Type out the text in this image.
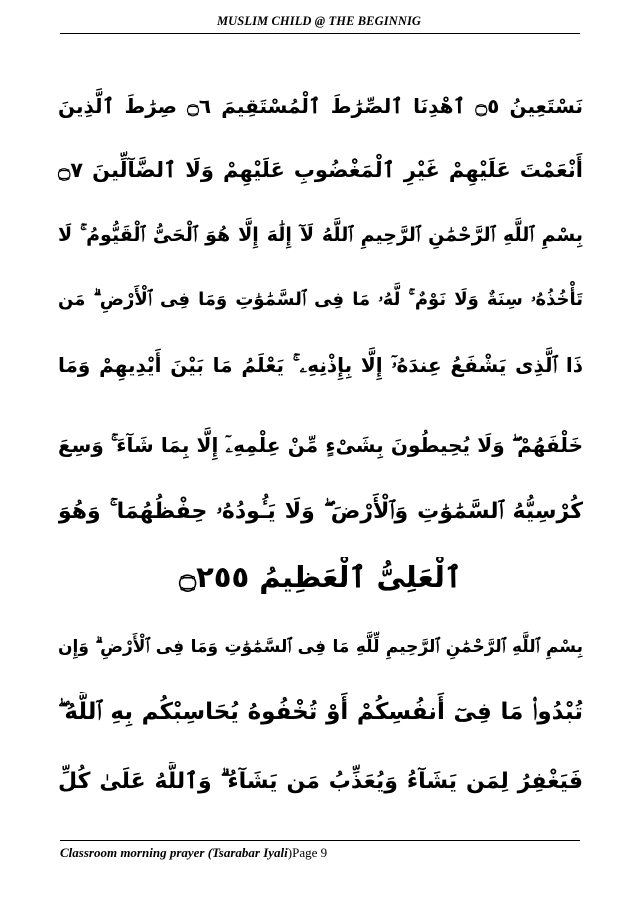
MUSLIM CHILD @ THE BEGINNIG
نَسْتَعِينُ ۝٥ ٱهْدِنَا ٱلصِّرَٰطَ ٱلْمُسْتَقِيمَ ۝٦ صِرَٰطَ ٱلَّذِينَ
أَنْعَمْتَ عَلَيْهِمْ غَيْرِ ٱلْمَغْضُوبِ عَلَيْهِمْ وَلَا ٱلضَّآلِّينَ ۝٧
بِسْمِ ٱللَّهِ ٱلرَّحْمَٰنِ ٱلرَّحِيمِ ٱللَّهُ لَآ إِلَٰهَ إِلَّا هُوَ ٱلْحَىُّ ٱلْقَيُّومُ ۚ لَا
تَأْخُذُهُۥ سِنَةٌ وَلَا نَوْمٌ ۚ لَّهُۥ مَا فِى ٱلسَّمَٰوَٰتِ وَمَا فِى ٱلْأَرْضِ ۗ مَن
ذَا ٱلَّذِى يَشْفَعُ عِندَهُۥٓ إِلَّا بِإِذْنِهِۦ ۚ يَعْلَمُ مَا بَيْنَ أَيْدِيهِمْ وَمَا
خَلْفَهُمْ ۖ وَلَا يُحِيطُونَ بِشَىْءٍ مِّنْ عِلْمِهِۦٓ إِلَّا بِمَا شَآءَ ۚ وَسِعَ
كُرْسِيُّهُ ٱلسَّمَٰوَٰتِ وَٱلْأَرْضَ ۖ وَلَا يَـُٔودُهُۥ حِفْظُهُمَا ۚ وَهُوَ
ٱلْعَلِىُّ ٱلْعَظِيمُ ۝٢٥٥
بِسْمِ ٱللَّهِ ٱلرَّحْمَٰنِ ٱلرَّحِيمِ لِّلَّهِ مَا فِى ٱلسَّمَٰوَٰتِ وَمَا فِى ٱلْأَرْضِ ۗ وَإِن
تُبْدُوا۟ مَا فِىٓ أَنفُسِكُمْ أَوْ تُخْفُوهُ يُحَاسِبْكُم بِهِ ٱللَّهُ ۖ
فَيَغْفِرُ لِمَن يَشَآءُ وَيُعَذِّبُ مَن يَشَآءُ ۗ وَٱللَّهُ عَلَىٰ كُلِّ
Classroom morning prayer (Tsarabar Iyali)Page 9
